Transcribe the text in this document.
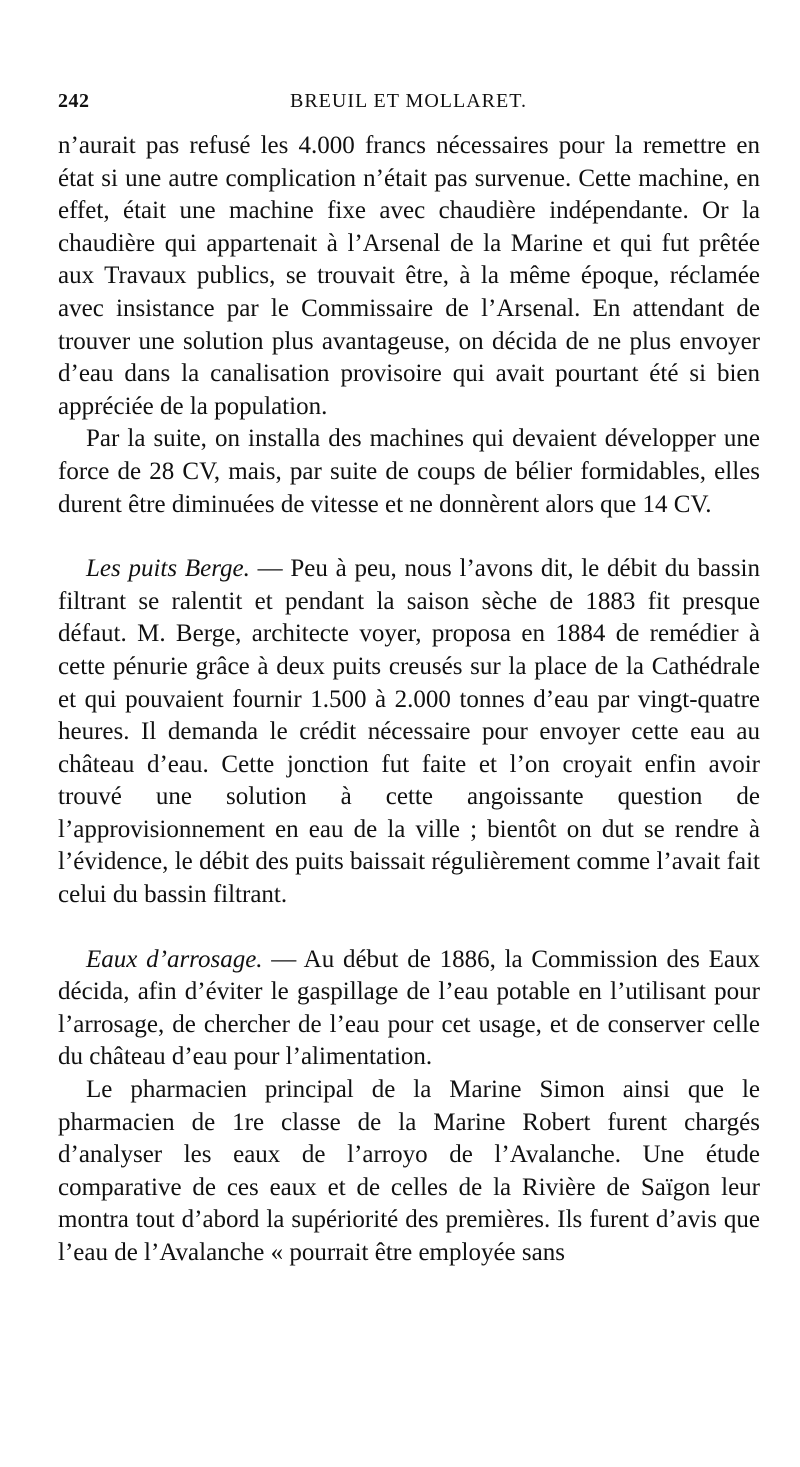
242	BREUIL ET MOLLARET.

n’aurait pas refusé les 4.000 francs nécessaires pour la remettre en état si une autre complication n’était pas survenue. Cette machine, en effet, était une machine fixe avec chaudière indépendante. Or la chaudière qui appartenait à l’Arsenal de la Marine et qui fut prêtée aux Travaux publics, se trouvait être, à la même époque, réclamée avec insistance par le Commissaire de l’Arsenal. En attendant de trouver une solution plus avantageuse, on décida de ne plus envoyer d’eau dans la canalisation provisoire qui avait pourtant été si bien appréciée de la population.

Par la suite, on installa des machines qui devaient développer une force de 28 CV, mais, par suite de coups de bélier formidables, elles durent être diminuées de vitesse et ne donnèrent alors que 14 CV.

Les puits Berge. — Peu à peu, nous l’avons dit, le débit du bassin filtrant se ralentit et pendant la saison sèche de 1883 fit presque défaut. M. Berge, architecte voyer, proposa en 1884 de remédier à cette pénurie grâce à deux puits creusés sur la place de la Cathédrale et qui pouvaient fournir 1.500 à 2.000 tonnes d’eau par vingt-quatre heures. Il demanda le crédit nécessaire pour envoyer cette eau au château d’eau. Cette jonction fut faite et l’on croyait enfin avoir trouvé une solution à cette angoissante question de l’approvisionnement en eau de la ville ; bientôt on dut se rendre à l’évidence, le débit des puits baissait régulièrement comme l’avait fait celui du bassin filtrant.

Eaux d’arrosage. — Au début de 1886, la Commission des Eaux décida, afin d’éviter le gaspillage de l’eau potable en l’utilisant pour l’arrosage, de chercher de l’eau pour cet usage, et de conserver celle du château d’eau pour l’alimentation.

Le pharmacien principal de la Marine Simon ainsi que le pharmacien de 1re classe de la Marine Robert furent chargés d’analyser les eaux de l’arroyo de l’Avalanche. Une étude comparative de ces eaux et de celles de la Rivière de Saïgon leur montra tout d’abord la supériorité des premières. Ils furent d’avis que l’eau de l’Avalanche « pourrait être employée sans
